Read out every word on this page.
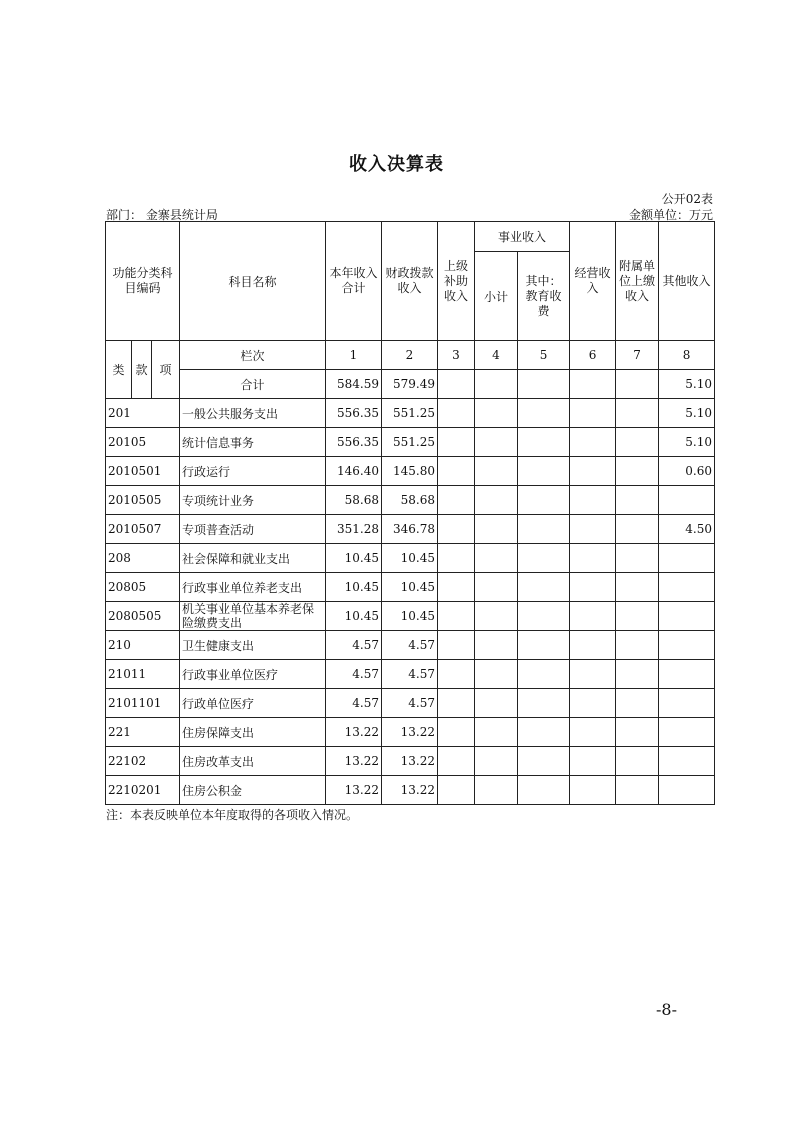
收入决算表
公开02表
部门： 金寨县统计局	金额单位：万元
功能分类科目编码			科目名称	本年收入合计	财政拨款收入	上级补助收入	事业收入		经营收入	附属单位上缴收入	其他收入
							小计	其中：教育收费			
类	款	项	栏次	1	2	3	4	5	6	7	8
			合计	584.59	579.49						5.10
201			一般公共服务支出	556.35	551.25						5.10
20105			统计信息事务	556.35	551.25						5.10
2010501			行政运行	146.40	145.80						0.60
2010505			专项统计业务	58.68	58.68						
2010507			专项普查活动	351.28	346.78						4.50
208			社会保障和就业支出	10.45	10.45						
20805			行政事业单位养老支出	10.45	10.45						
2080505			机关事业单位基本养老保险缴费支出	10.45	10.45						
210			卫生健康支出	4.57	4.57						
21011			行政事业单位医疗	4.57	4.57						
2101101			行政单位医疗	4.57	4.57						
221			住房保障支出	13.22	13.22						
22102			住房改革支出	13.22	13.22						
2210201			住房公积金	13.22	13.22						
注：本表反映单位本年度取得的各项收入情况。
-8-
